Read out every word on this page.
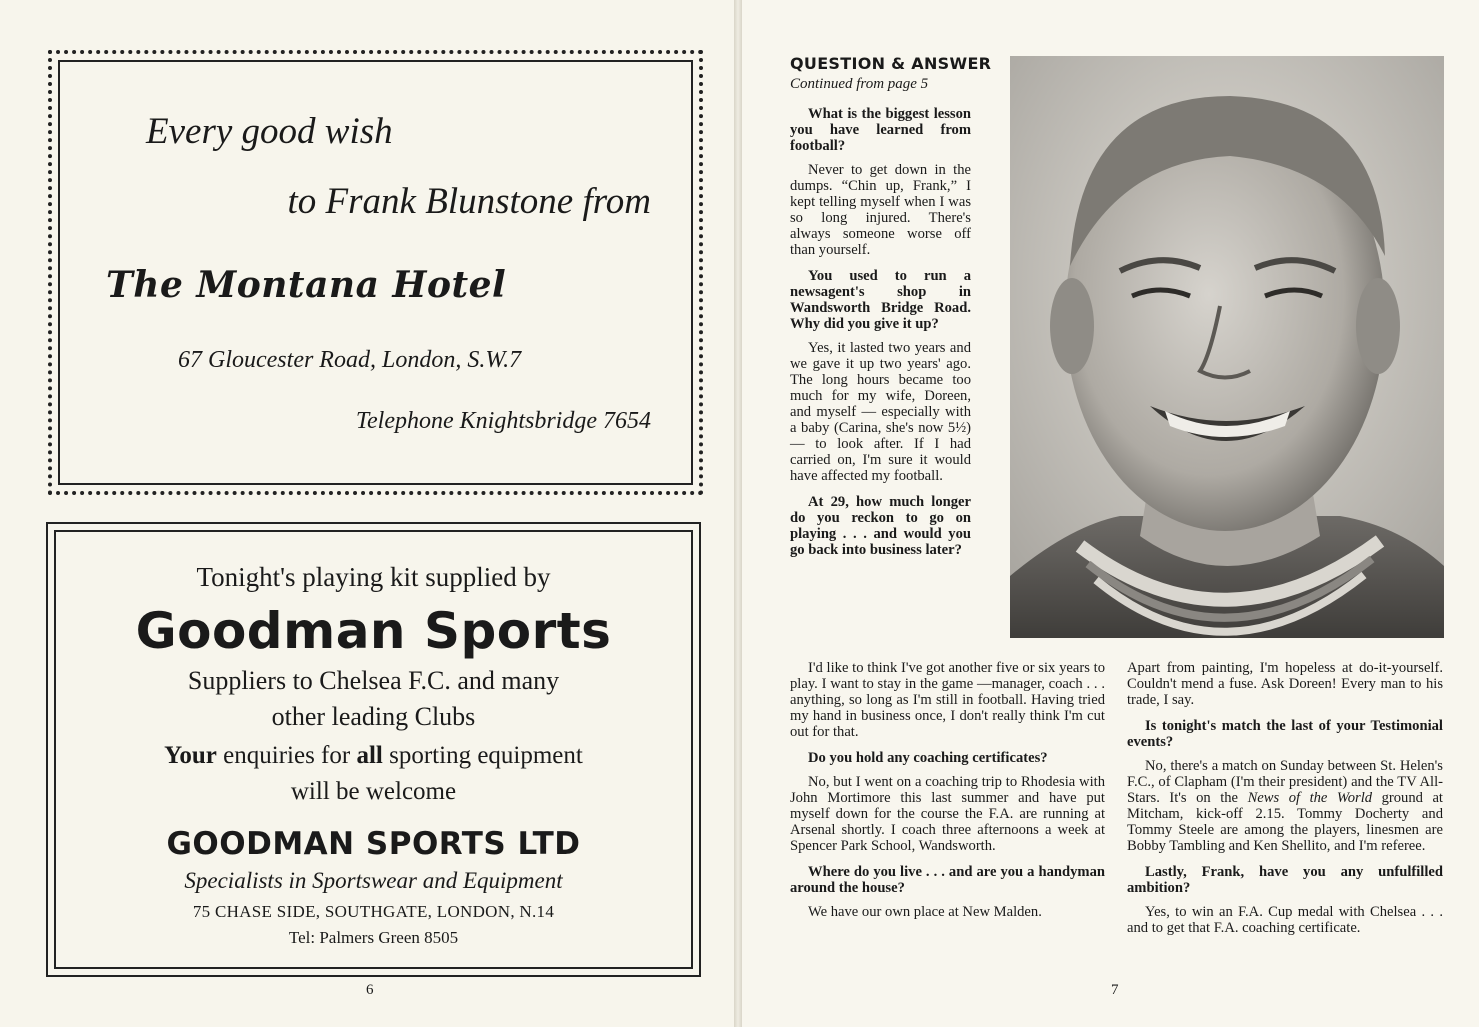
Every good wish
to Frank Blunstone from
The Montana Hotel
67 Gloucester Road, London, S.W.7
Telephone Knightsbridge 7654
Tonight's playing kit supplied by
Goodman Sports
Suppliers to Chelsea F.C. and many
other leading Clubs
Your enquiries for all sporting equipment
will be welcome
GOODMAN SPORTS LTD
Specialists in Sportswear and Equipment
75 CHASE SIDE, SOUTHGATE, LONDON, N.14
Tel: Palmers Green 8505
6
QUESTION & ANSWER
Continued from page 5

What is the biggest lesson you have learned from football?

Never to get down in the dumps. “Chin up, Frank,” I kept telling myself when I was so long injured. There's always someone worse off than yourself.

You used to run a newsagent's shop in Wandsworth Bridge Road. Why did you give it up?

Yes, it lasted two years and we gave it up two years' ago. The long hours became too much for my wife, Doreen, and myself — especially with a baby (Carina, she's now 5½) — to look after. If I had carried on, I'm sure it would have affected my football.

At 29, how much longer do you reckon to go on playing . . . and would you go back into business later?

I'd like to think I've got another five or six years to play. I want to stay in the game —manager, coach . . . anything, so long as I'm still in football. Having tried my hand in business once, I don't really think I'm cut out for that.

Do you hold any coaching certificates?

No, but I went on a coaching trip to Rhodesia with John Mortimore this last summer and have put myself down for the course the F.A. are running at Arsenal shortly. I coach three afternoons a week at Spencer Park School, Wandsworth.

Where do you live . . . and are you a handyman around the house?

We have our own place at New Malden.

Apart from painting, I'm hopeless at do-it-yourself. Couldn't mend a fuse. Ask Doreen! Every man to his trade, I say.

Is tonight's match the last of your Testimonial events?

No, there's a match on Sunday between St. Helen's F.C., of Clapham (I'm their president) and the TV All-Stars. It's on the News of the World ground at Mitcham, kick-off 2.15. Tommy Docherty and Tommy Steele are among the players, linesmen are Bobby Tambling and Ken Shellito, and I'm referee.

Lastly, Frank, have you any unfulfilled ambition?

Yes, to win an F.A. Cup medal with Chelsea . . . and to get that F.A. coaching certificate.

7
